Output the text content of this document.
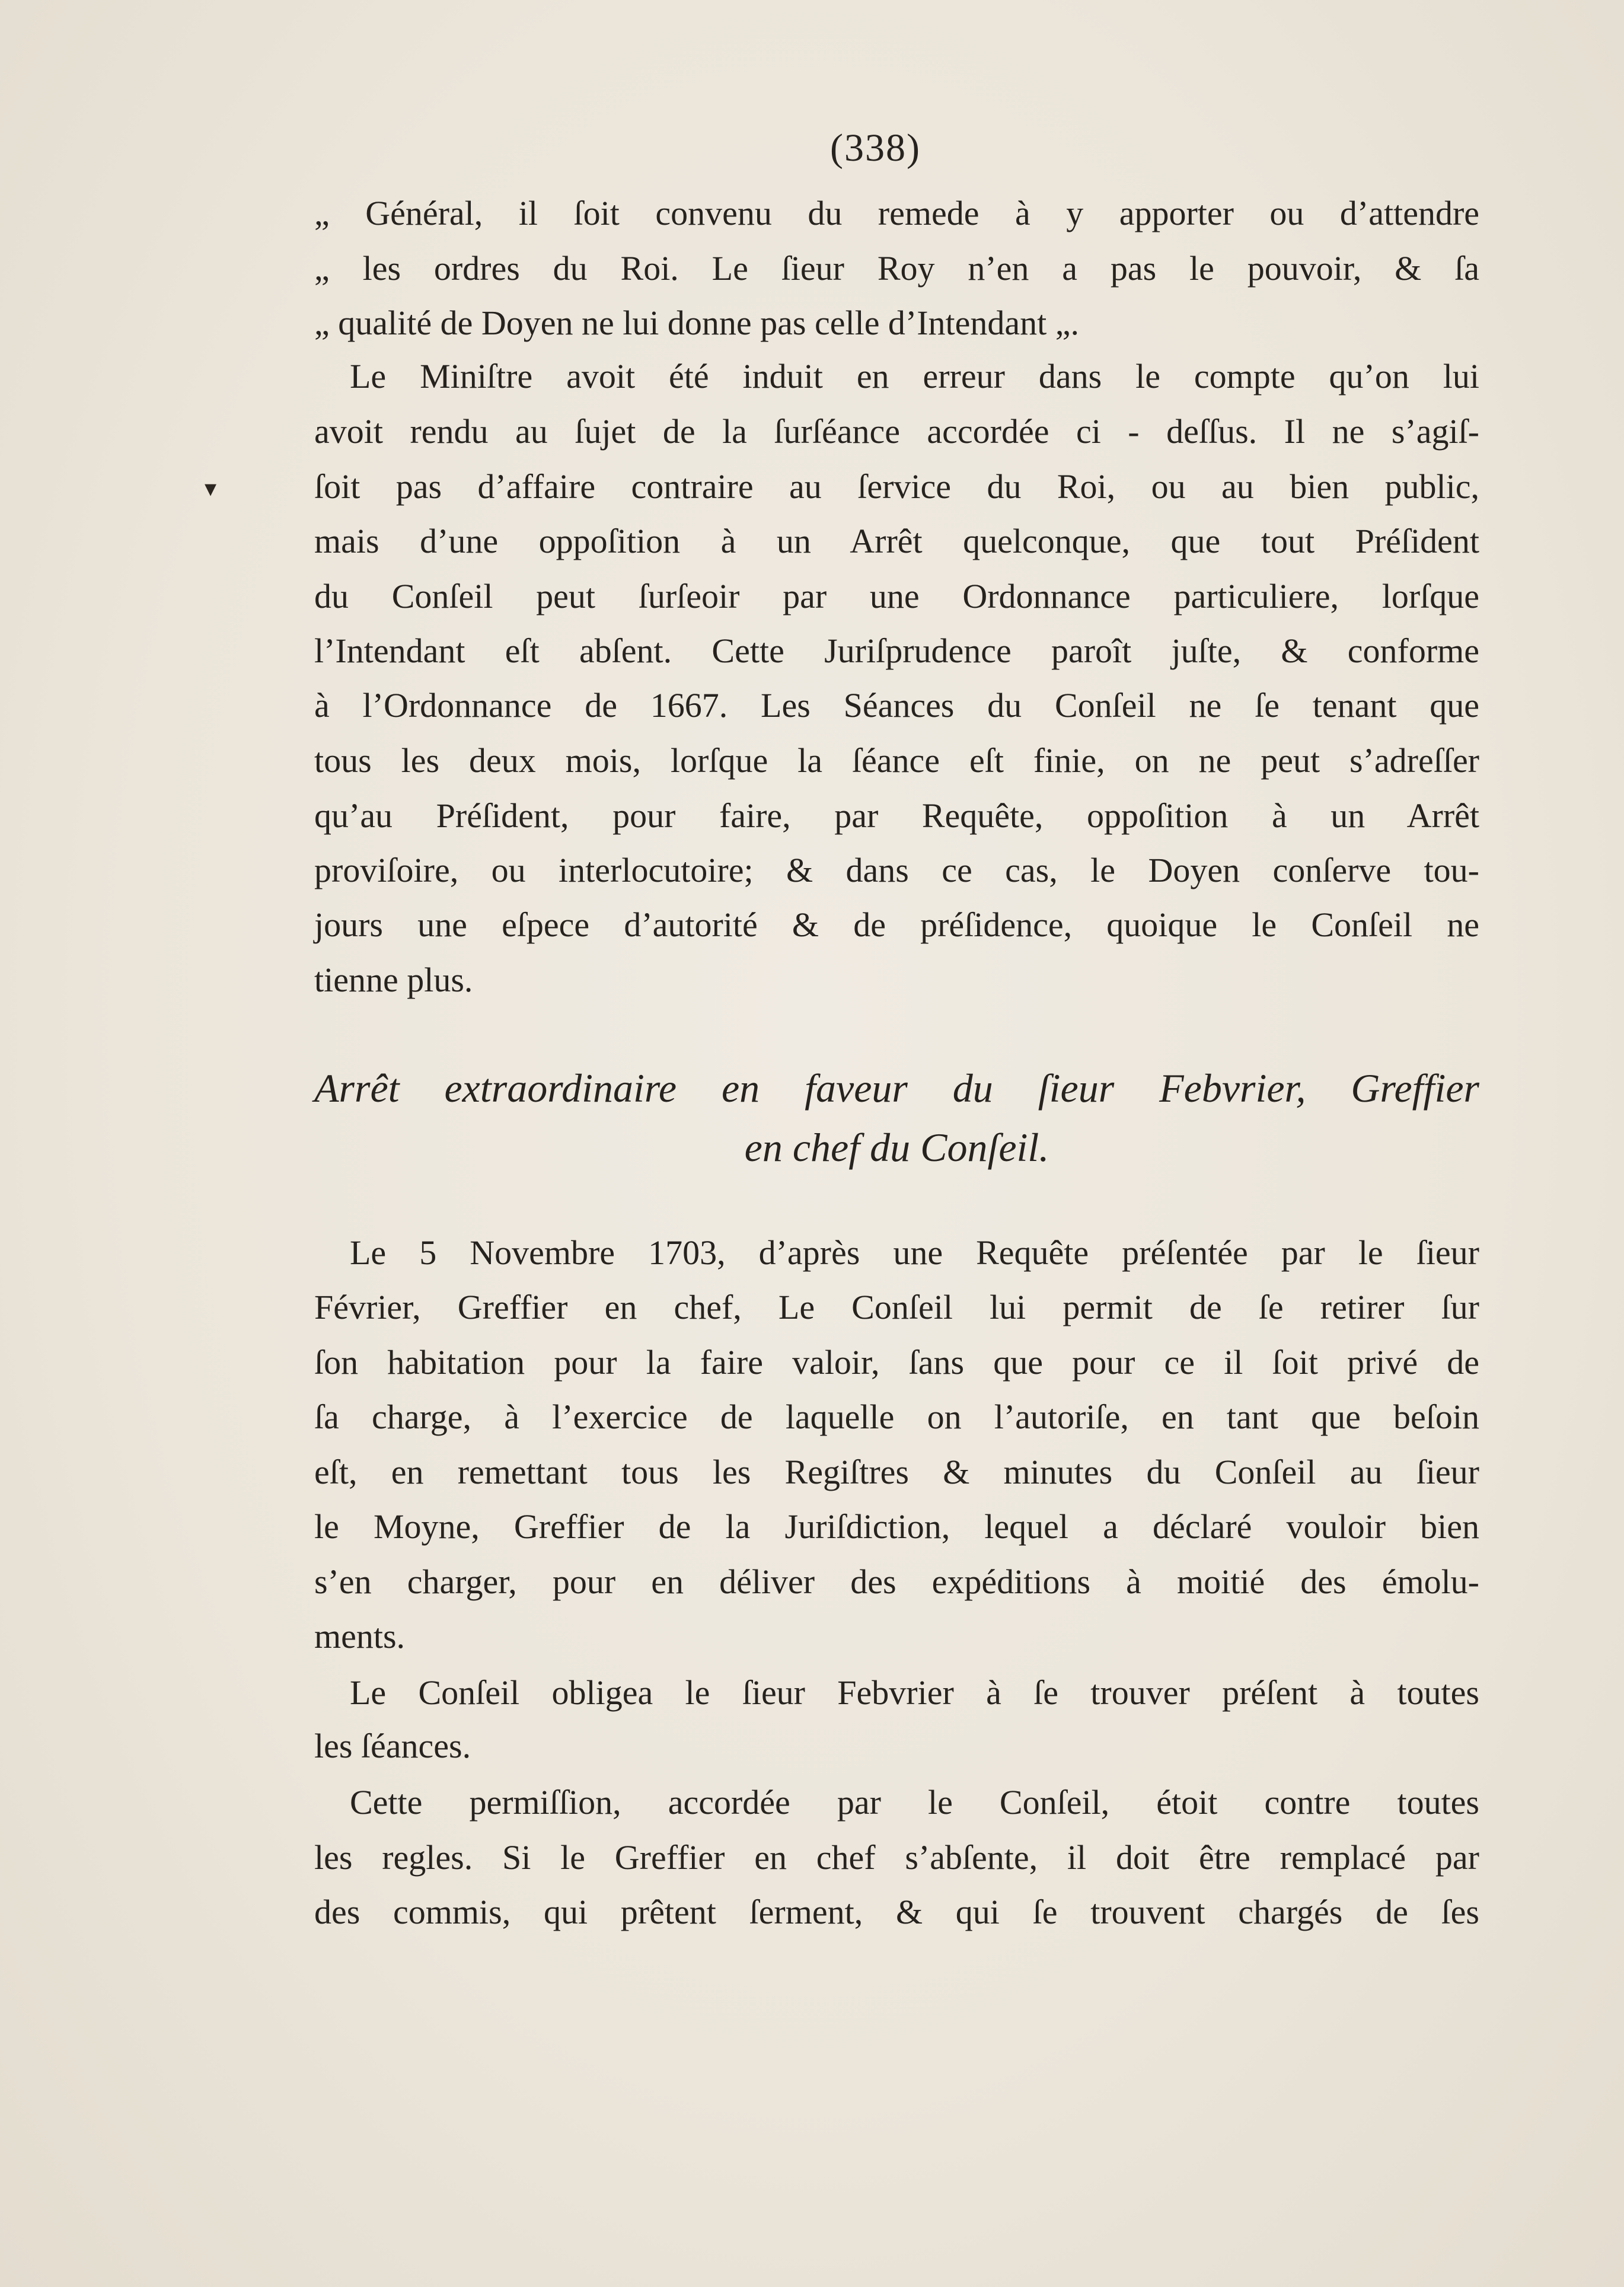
(338)
„ Général, il ſoit convenu du remede à y apporter ou d’attendre
„ les ordres du Roi. Le ſieur Roy n’en a pas le pouvoir, & ſa
„ qualité de Doyen ne lui donne pas celle d’Intendant „.
Le Miniſtre avoit été induit en erreur dans le compte qu’on lui
avoit rendu au ſujet de la ſurſéance accordée ci - deſſus. Il ne s’agiſ-
ſoit pas d’affaire contraire au ſervice du Roi, ou au bien public,
mais d’une oppoſition à un Arrêt quelconque, que tout Préſident
du Conſeil peut ſurſeoir par une Ordonnance particuliere, lorſque
l’Intendant eſt abſent. Cette Juriſprudence paroît juſte, & conforme
à l’Ordonnance de 1667. Les Séances du Conſeil ne ſe tenant que
tous les deux mois, lorſque la ſéance eſt finie, on ne peut s’adreſſer
qu’au Préſident, pour faire, par Requête, oppoſition à un Arrêt
proviſoire, ou interlocutoire; & dans ce cas, le Doyen conſerve tou-
jours une eſpece d’autorité & de préſidence, quoique le Conſeil ne
tienne plus.
Arrêt extraordinaire en faveur du ſieur Febvrier, Greffier
en chef du Conſeil.
Le 5 Novembre 1703, d’après une Requête préſentée par le ſieur
Février, Greffier en chef, Le Conſeil lui permit de ſe retirer ſur
ſon habitation pour la faire valoir, ſans que pour ce il ſoit privé de
ſa charge, à l’exercice de laquelle on l’autoriſe, en tant que beſoin
eſt, en remettant tous les Regiſtres & minutes du Conſeil au ſieur
le Moyne, Greffier de la Juriſdiction, lequel a déclaré vouloir bien
s’en charger, pour en déliver des expéditions à moitié des émolu-
ments.
Le Conſeil obligea le ſieur Febvrier à ſe trouver préſent à toutes
les ſéances.
Cette permiſſion, accordée par le Conſeil, étoit contre toutes
les regles. Si le Greffier en chef s’abſente, il doit être remplacé par
des commis, qui prêtent ſerment, & qui ſe trouvent chargés de ſes
▾
